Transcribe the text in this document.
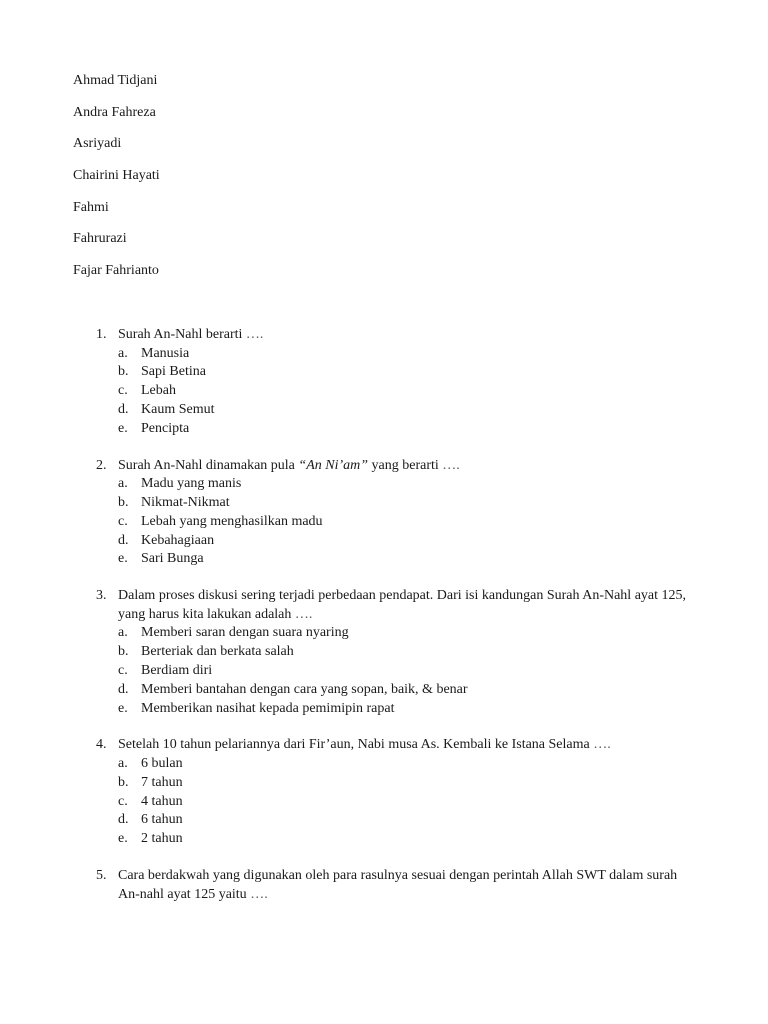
Ahmad Tidjani
Andra Fahreza
Asriyadi
Chairini Hayati
Fahmi
Fahrurazi
Fajar Fahrianto
1. Surah An-Nahl berarti ….
a. Manusia
b. Sapi Betina
c. Lebah
d. Kaum Semut
e. Pencipta
2. Surah An-Nahl dinamakan pula “An Ni’am” yang berarti ….
a. Madu yang manis
b. Nikmat-Nikmat
c. Lebah yang menghasilkan madu
d. Kebahagiaan
e. Sari Bunga
3. Dalam proses diskusi sering terjadi perbedaan pendapat. Dari isi kandungan Surah An-Nahl ayat 125, yang harus kita lakukan adalah ….
a. Memberi saran dengan suara nyaring
b. Berteriak dan berkata salah
c. Berdiam diri
d. Memberi bantahan dengan cara yang sopan, baik, & benar
e. Memberikan nasihat kepada pemimipin rapat
4. Setelah 10 tahun pelariannya dari Fir’aun, Nabi musa As. Kembali ke Istana Selama ….
a. 6 bulan
b. 7 tahun
c. 4 tahun
d. 6 tahun
e. 2 tahun
5. Cara berdakwah yang digunakan oleh para rasulnya sesuai dengan perintah Allah SWT dalam surah An-nahl ayat 125 yaitu ….
